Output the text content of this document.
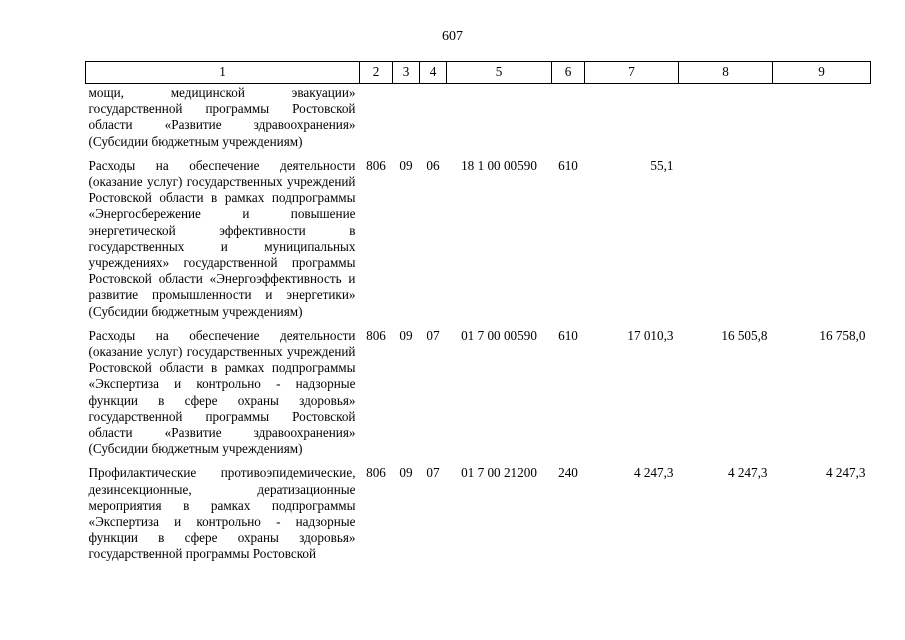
607
1	2	3	4	5	6	7	8	9
мощи, медицинской эвакуации» государственной программы Ростовской области «Развитие здравоохранения» (Субсидии бюджетным учреждениям)								
Расходы на обеспечение деятельности (оказание услуг) государственных учреждений Ростовской области в рамках подпрограммы «Энергосбережение и повышение энергетической эффективности в государственных и муниципальных учреждениях» государственной программы Ростовской области «Энергоэффективность и развитие промышленности и энергетики» (Субсидии бюджетным учреждениям)	806	09	06	18 1 00 00590	610	55,1		
Расходы на обеспечение деятельности (оказание услуг) государственных учреждений Ростовской области в рамках подпрограммы «Экспертиза и контрольно - надзорные функции в сфере охраны здоровья» государственной программы Ростовской области «Развитие здравоохранения» (Субсидии бюджетным учреждениям)	806	09	07	01 7 00 00590	610	17 010,3	16 505,8	16 758,0
Профилактические противоэпидемические, дезинсекционные, дератизационные мероприятия в рамках подпрограммы «Экспертиза и контрольно - надзорные функции в сфере охраны здоровья» государственной программы Ростовской	806	09	07	01 7 00 21200	240	4 247,3	4 247,3	4 247,3
